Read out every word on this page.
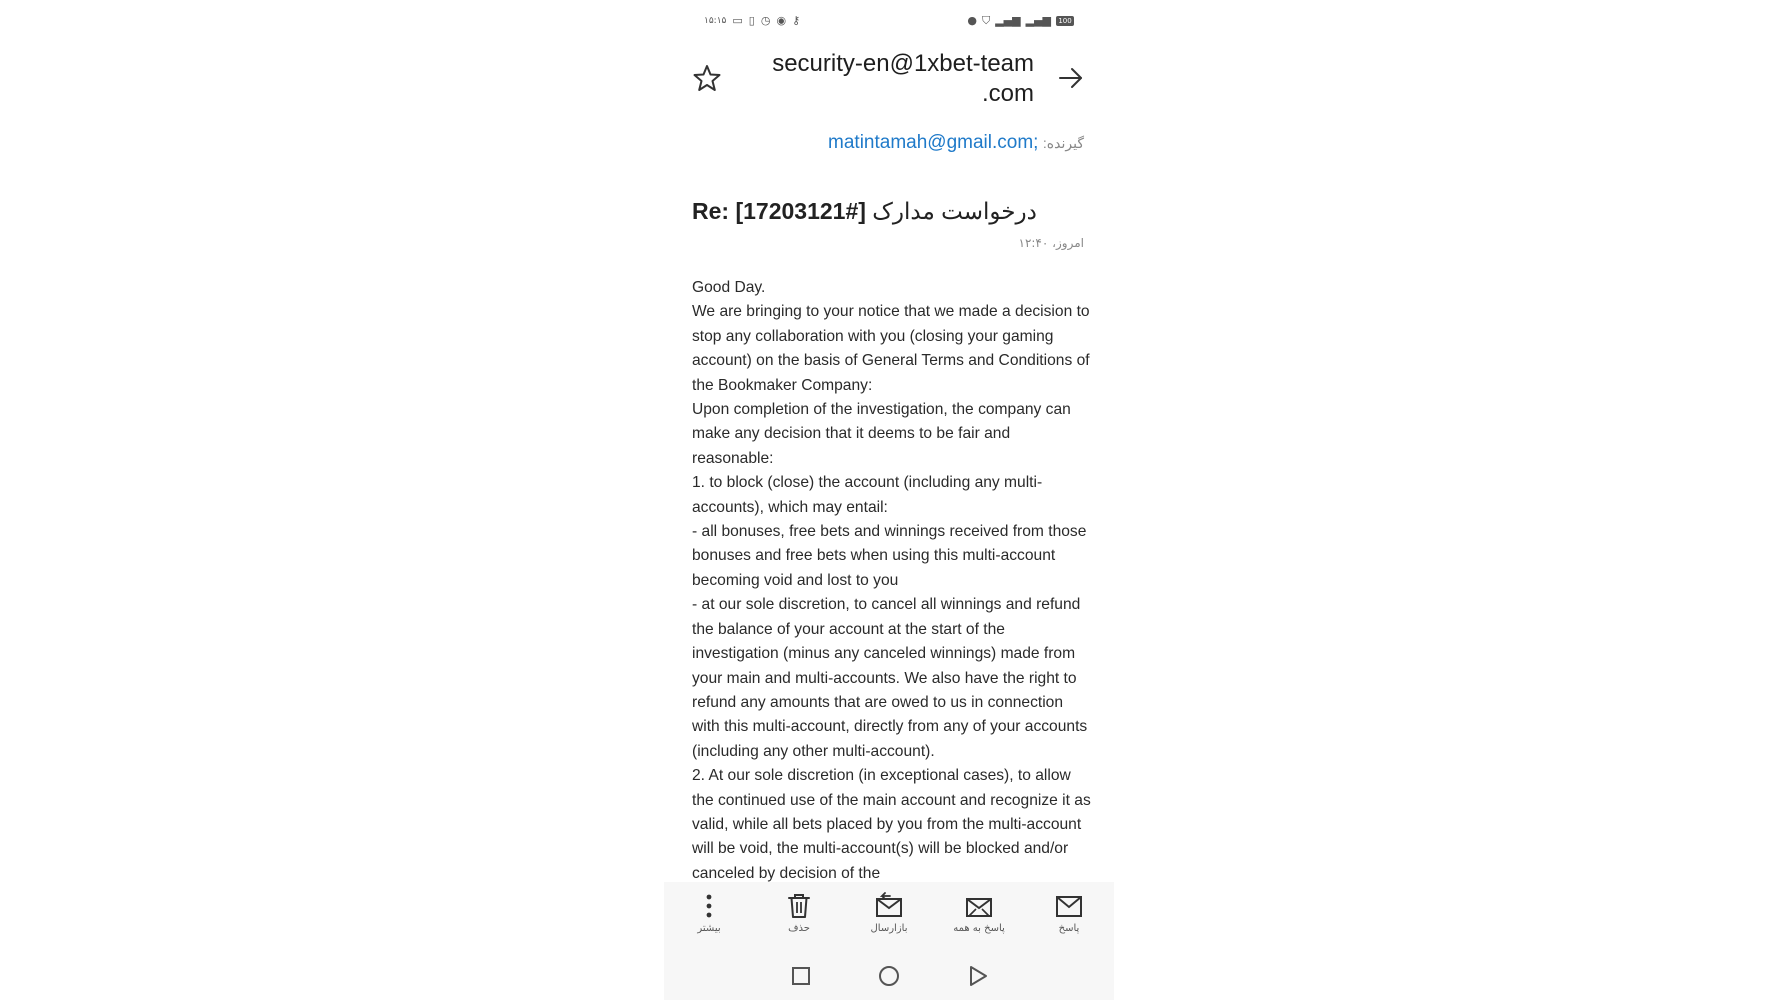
۱۵:۱۵ ▭ ▯ ◷ ◉ ⚷	● ⛉ ▂▄▆ ▂▄▆	100
security-en@1xbet-team
.com
گیرنده: matintamah@gmail.com;
Re: [17203121#] درخواست مدارک
امروز، ۱۲:۴۰

Good Day.

We are bringing to your notice that we made a decision to stop any collaboration with you (closing your gaming account) on the basis of General Terms and Conditions of the Bookmaker Company:

Upon completion of the investigation, the company can make any decision that it deems to be fair and reasonable:

1. to block (close) the account (including any multi-accounts), which may entail:

- all bonuses, free bets and winnings received from those bonuses and free bets when using this multi-account becoming void and lost to you

- at our sole discretion, to cancel all winnings and refund the balance of your account at the start of the investigation (minus any canceled winnings) made from your main and multi-accounts. We also have the right to refund any amounts that are owed to us in connection with this multi-account, directly from any of your accounts (including any other multi-account).

2. At our sole discretion (in exceptional cases), to allow the continued use of the main account and recognize it as valid, while all bets placed by you from the multi-account will be void, the multi-account(s) will be blocked and/or canceled by decision of the

بیشتر	حذف	بازارسال	پاسخ به همه	پاسخ
